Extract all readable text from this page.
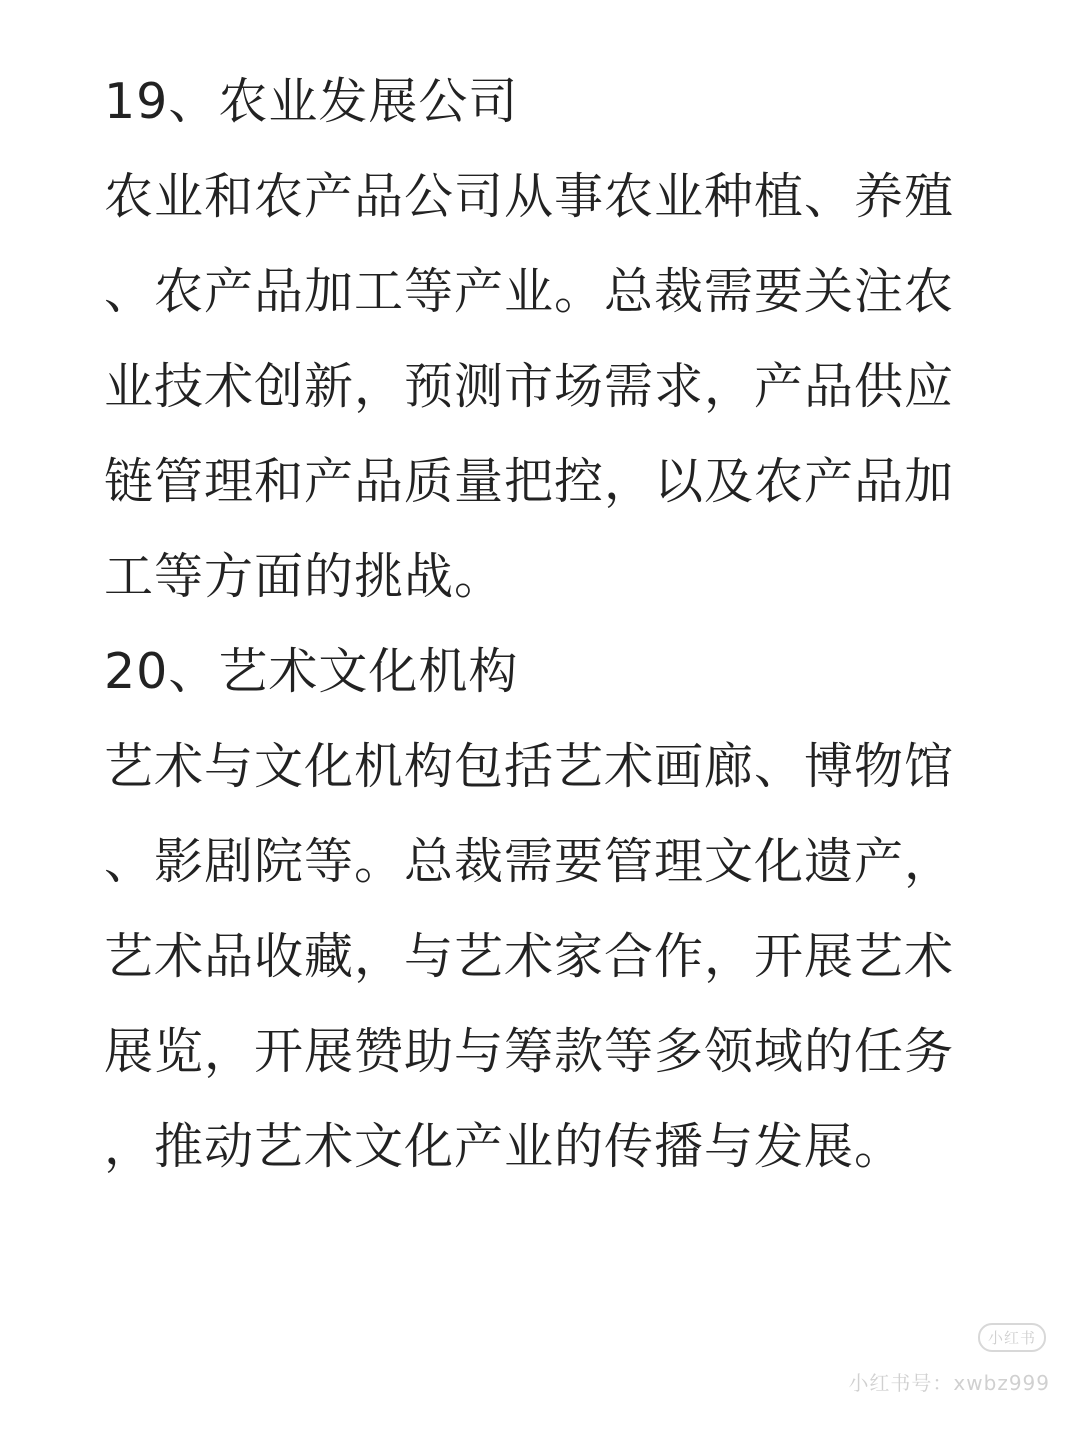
19、农业发展公司
农业和农产品公司从事农业种植、养殖
、农产品加工等产业。总裁需要关注农
业技术创新，预测市场需求，产品供应
链管理和产品质量把控，以及农产品加
工等方面的挑战。
20、艺术文化机构
艺术与文化机构包括艺术画廊、博物馆
、影剧院等。总裁需要管理文化遗产，
艺术品收藏，与艺术家合作，开展艺术
展览，开展赞助与筹款等多领域的任务
，推动艺术文化产业的传播与发展。
小红书
小红书号：xwbz999
